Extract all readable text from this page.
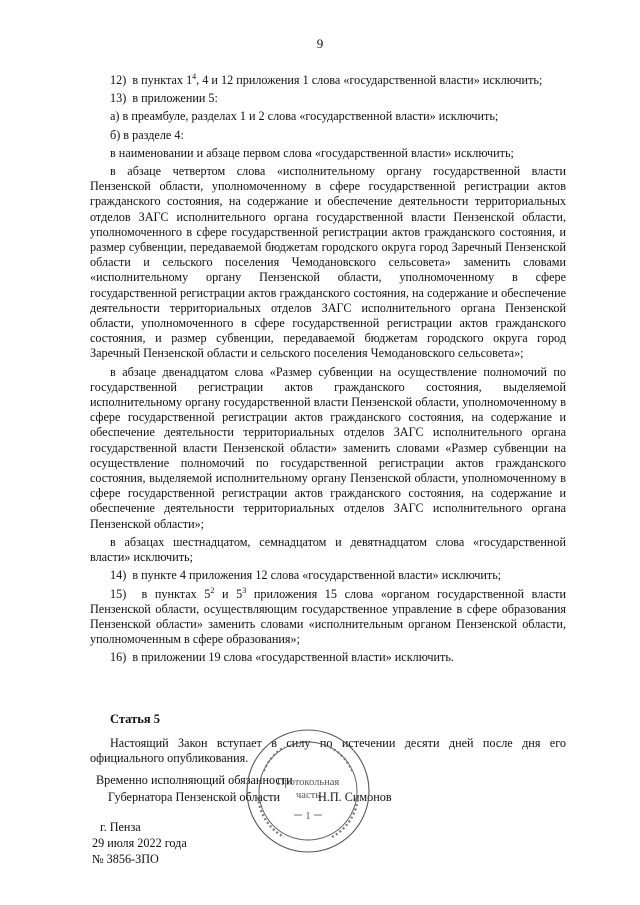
9

12)  в пунктах $1^4$, 4 и 12 приложения 1 слова «государственной власти» исключить;

13)  в приложении 5:

а) в преамбуле, разделах 1 и 2 слова «государственной власти» исключить;

б) в разделе 4:

в наименовании и абзаце первом слова «государственной власти» исключить;

в абзаце четвертом слова «исполнительному органу государственной власти Пензенской области, уполномоченному в сфере государственной регистрации актов гражданского состояния, на содержание и обеспечение деятельности территориальных отделов ЗАГС исполнительного органа государственной власти Пензенской области, уполномоченного в сфере государственной регистрации актов гражданского состояния, и размер субвенции, передаваемой бюджетам городского округа город Заречный Пензенской области и сельского поселения Чемодановского сельсовета» заменить словами «исполнительному органу Пензенской области, уполномоченному в сфере государственной регистрации актов гражданского состояния, на содержание и обеспечение деятельности территориальных отделов ЗАГС исполнительного органа Пензенской области, уполномоченного в сфере государственной регистрации актов гражданского состояния, и размер субвенции, передаваемой бюджетам городского округа город Заречный Пензенской области и сельского поселения Чемодановского сельсовета»;

в абзаце двенадцатом слова «Размер субвенции на осуществление полномочий по государственной регистрации актов гражданского состояния, выделяемой исполнительному органу государственной власти Пензенской области, уполномоченному в сфере государственной регистрации актов гражданского состояния, на содержание и обеспечение деятельности территориальных отделов ЗАГС исполнительного органа государственной власти Пензенской области» заменить словами «Размер субвенции на осуществление полномочий по государственной регистрации актов гражданского состояния, выделяемой исполнительному органу Пензенской области, уполномоченному в сфере государственной регистрации актов гражданского состояния, на содержание и обеспечение деятельности территориальных отделов ЗАГС исполнительного органа Пензенской области»;

в абзацах шестнадцатом, семнадцатом и девятнадцатом слова «государственной власти» исключить;

14)  в пункте 4 приложения 12 слова «государственной власти» исключить;

15)  в пунктах $5^2$ и $5^3$ приложения 15 слова «органом государственной власти Пензенской области, осуществляющим государственное управление в сфере образования Пензенской области» заменить словами «исполнительным органом Пензенской области, уполномоченным в сфере образования»;

16)  в приложении 19 слова «государственной власти» исключить.

Статья 5

Настоящий Закон вступает в силу по истечении десяти дней после дня его официального опубликования.

Временно исполняющий обязанности
Губернатора Пензенской области	Н.П. Симонов
г. Пенза
29 июля 2022 года
№ 3856-ЗПО
Протокольная
часть
1
